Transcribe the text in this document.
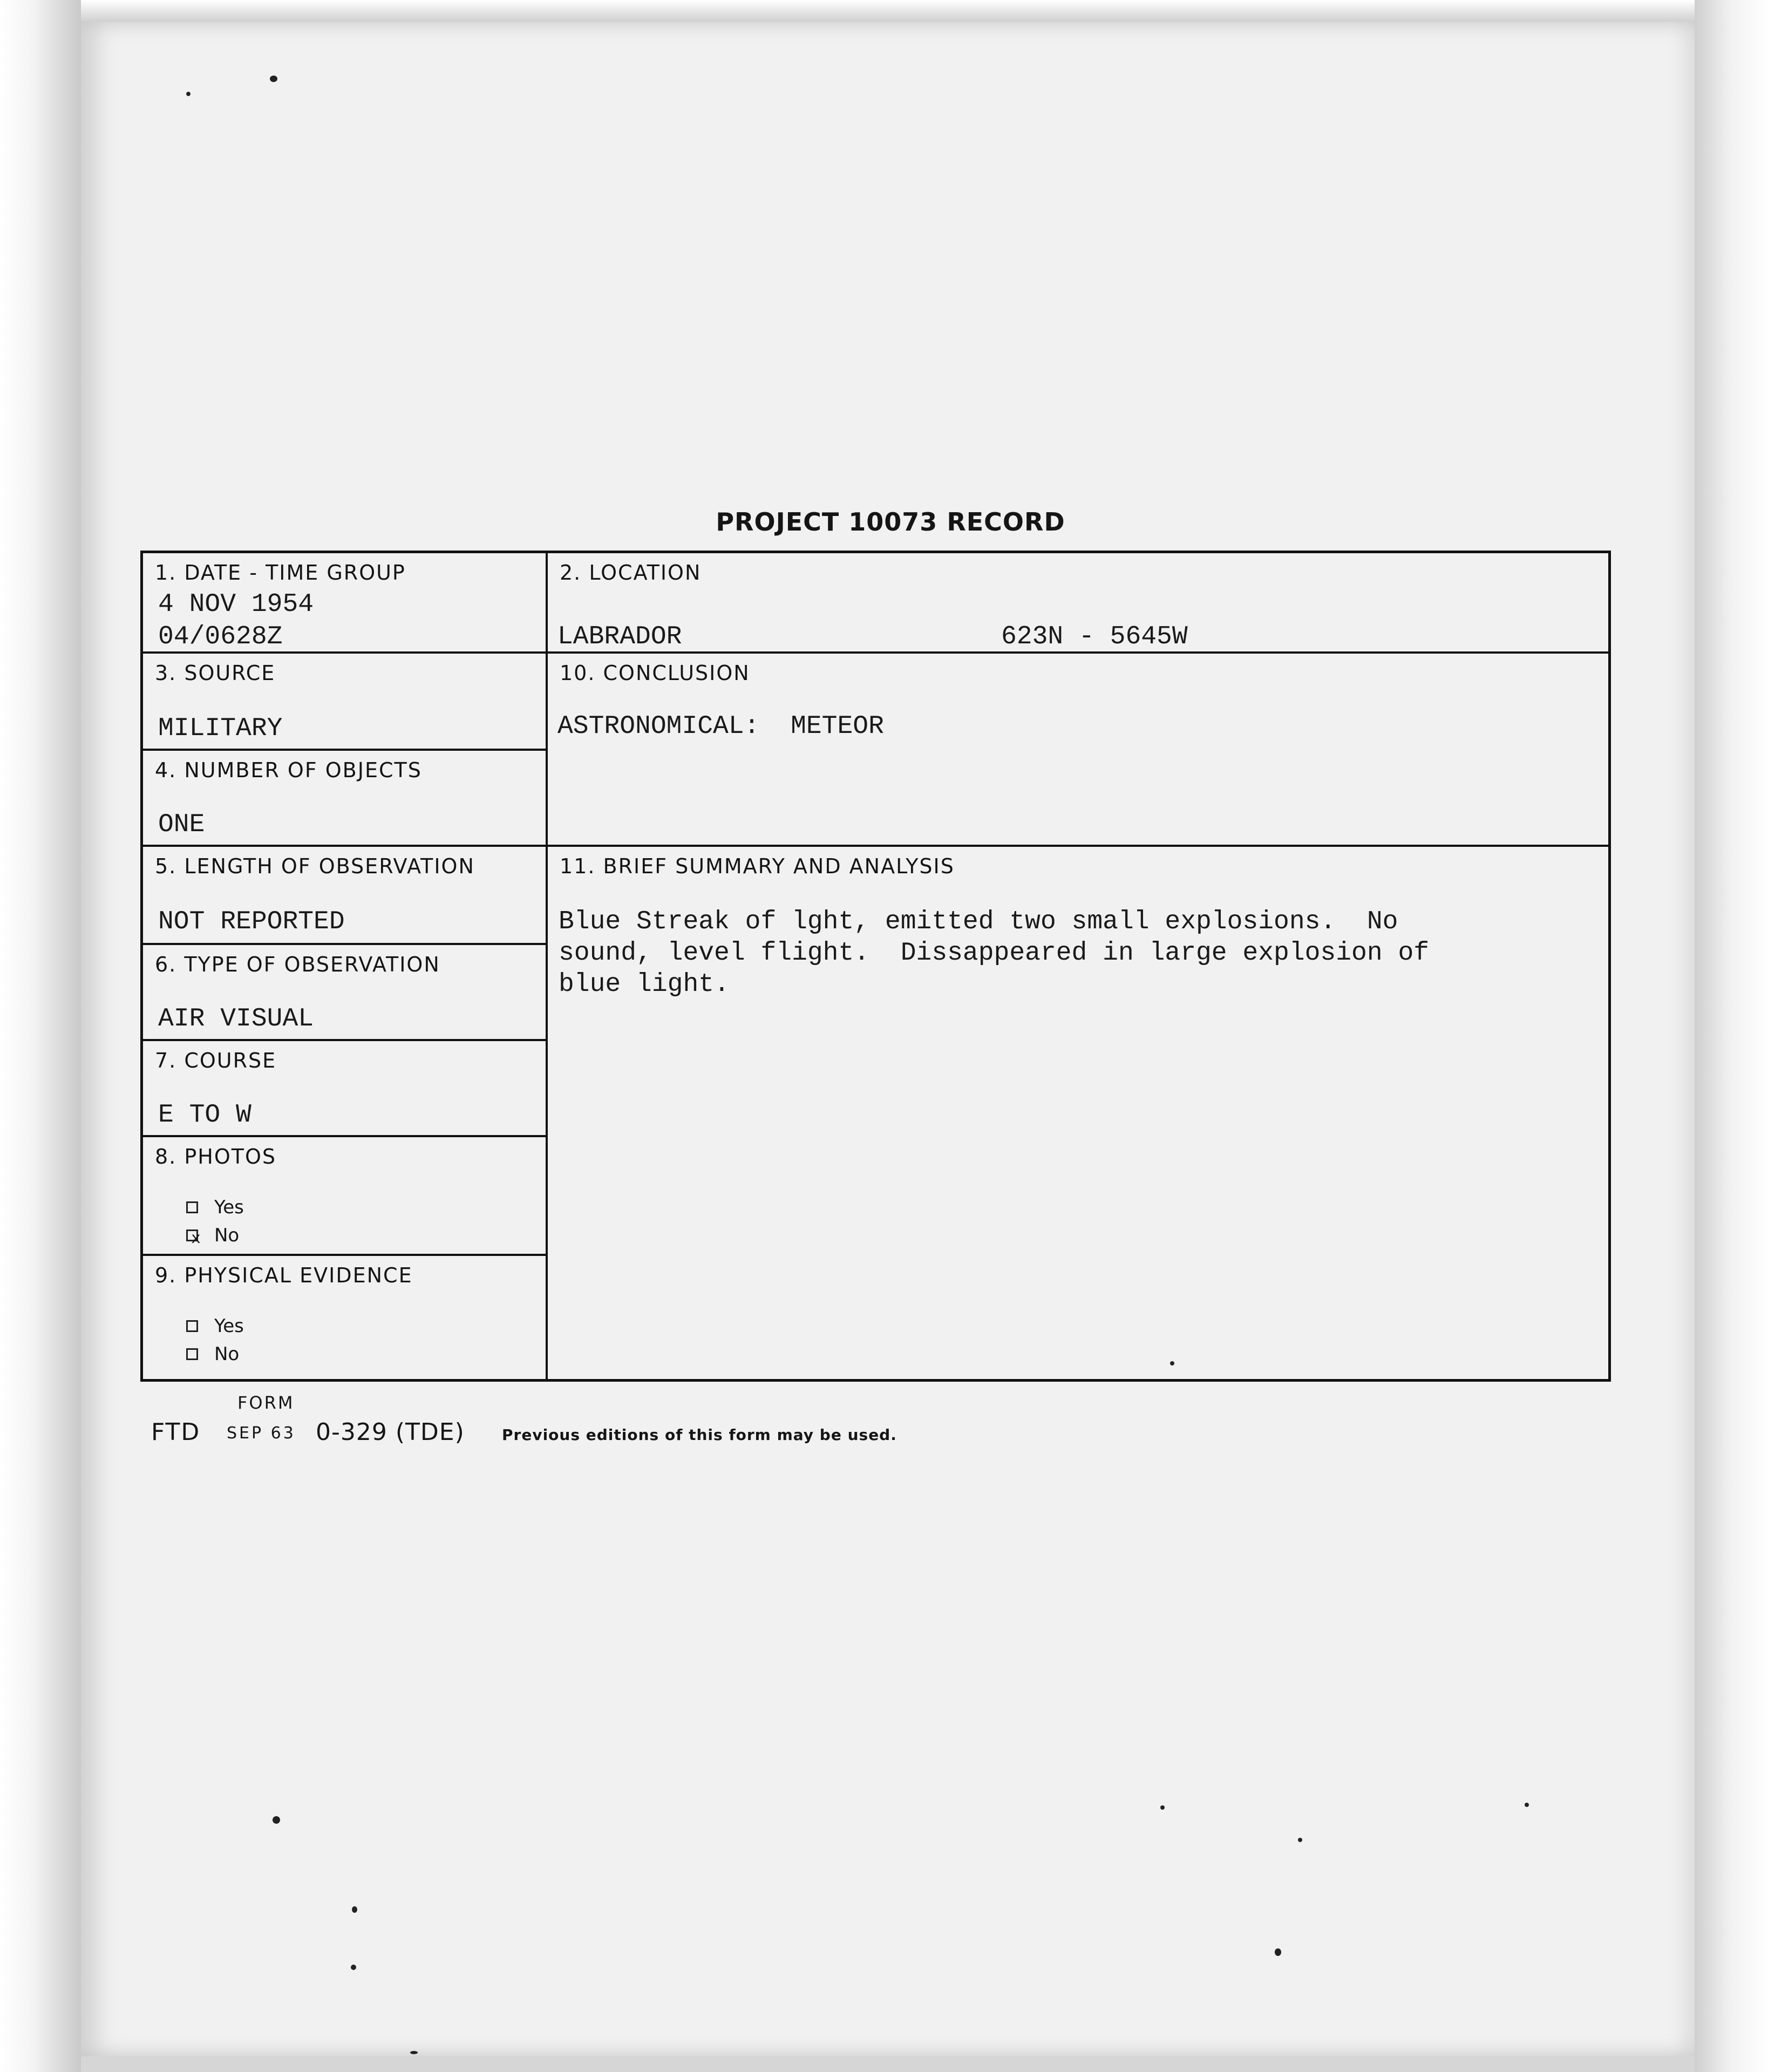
PROJECT 10073 RECORD
1. DATE - TIME GROUP
4 NOV 1954
04/0628Z
2. LOCATION
LABRADOR	623N - 5645W
3. SOURCE
MILITARY
4. NUMBER OF OBJECTS
ONE
5. LENGTH OF OBSERVATION
NOT REPORTED
6. TYPE OF OBSERVATION
AIR VISUAL
7. COURSE
E TO W
8. PHOTOS
Yes
x
No
9. PHYSICAL EVIDENCE
Yes
No
10. CONCLUSION
ASTRONOMICAL:  METEOR
11. BRIEF SUMMARY AND ANALYSIS
Blue Streak of lght, emitted two small explosions.  No
sound, level flight.  Dissappeared in large explosion of
blue light.
FTD
FORM
SEP 63 0-329 (TDE) Previous editions of this form may be used.
